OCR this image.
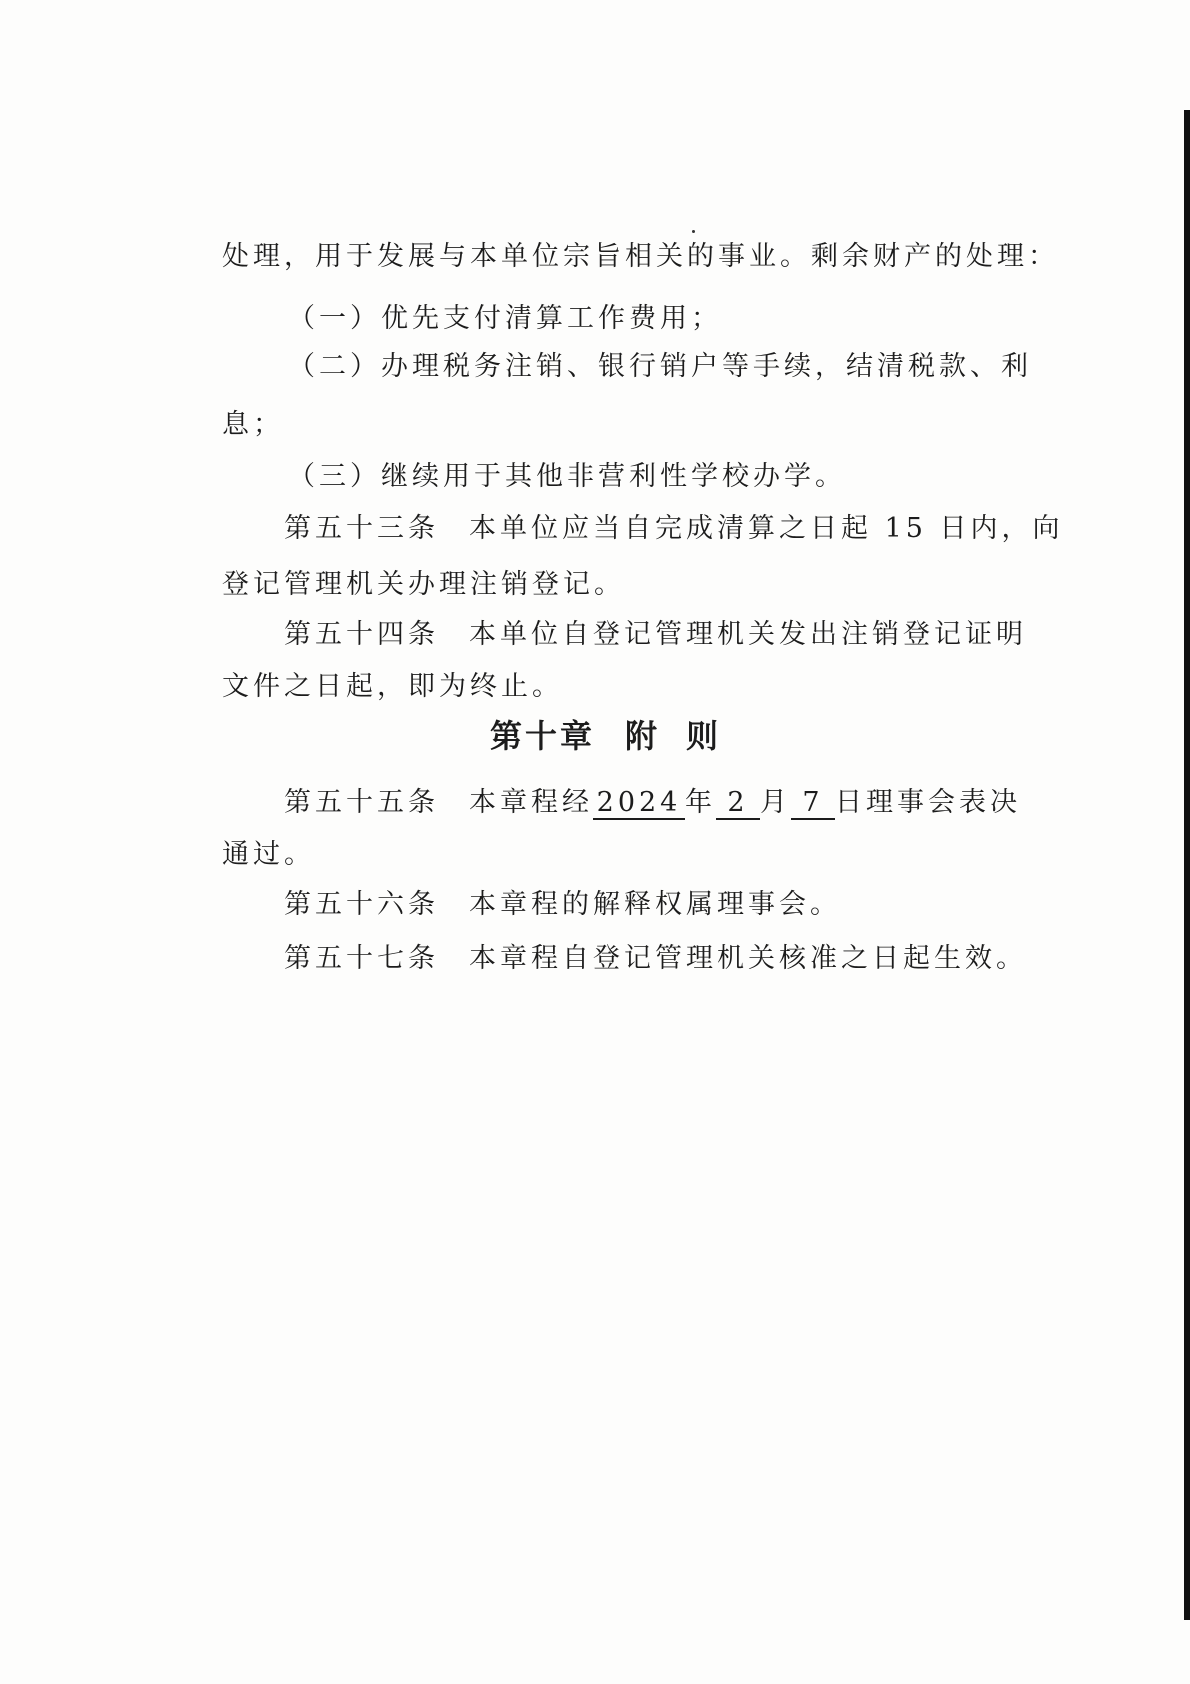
处理，用于发展与本单位宗旨相关的事业。剩余财产的处理：
（一）优先支付清算工作费用；
（二）办理税务注销、银行销户等手续，结清税款、利
息；
（三）继续用于其他非营利性学校办学。
第五十三条 本单位应当自完成清算之日起 15 日内，向
登记管理机关办理注销登记。
第五十四条 本单位自登记管理机关发出注销登记证明
文件之日起，即为终止。
第十章 附 则
第五十五条 本章程经 2024 年 2 月 7 日理事会表决
通过。
第五十六条 本章程的解释权属理事会。
第五十七条 本章程自登记管理机关核准之日起生效。
